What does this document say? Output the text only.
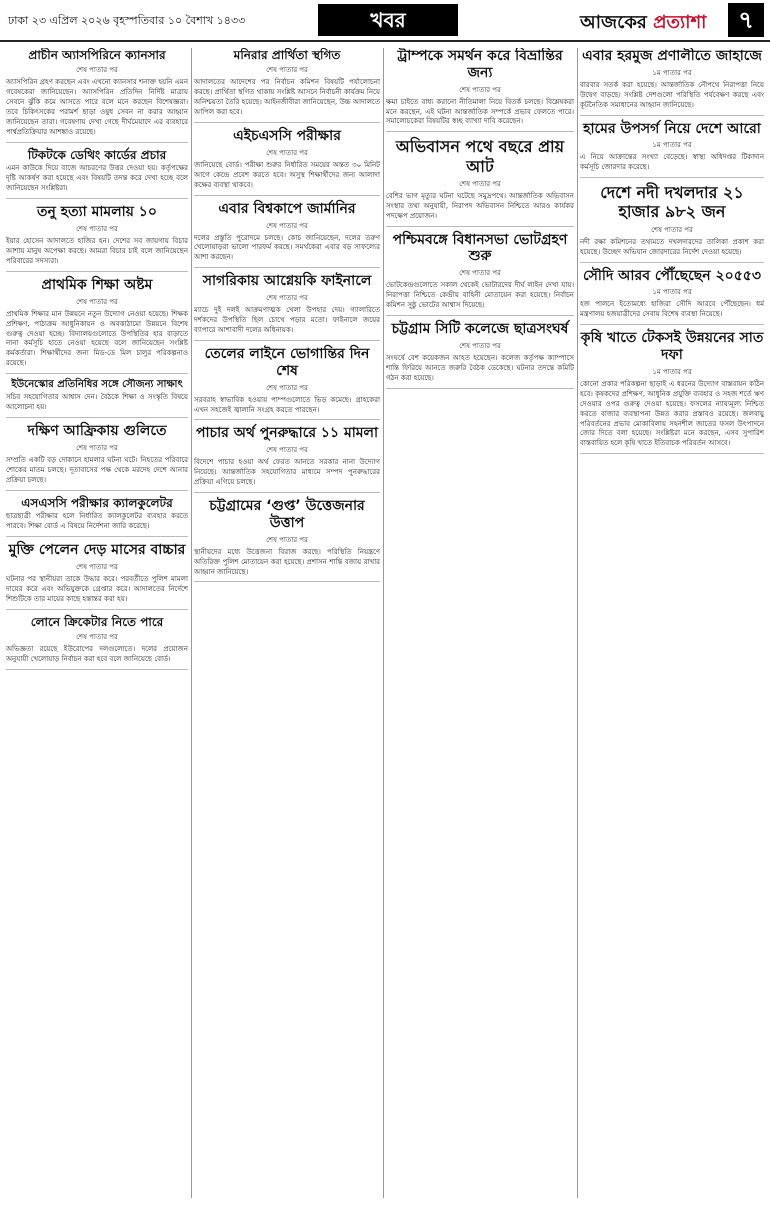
ঢাকা ২৩ এপ্রিল ২০২৬ বৃহস্পতিবার ১০ বৈশাখ ১৪৩৩	খবর	আজকের প্রত্যাশা	৭
প্রাচীন অ্যাসপিরিনে ক্যানসার
শেষ পাতার পর
অ্যাসপিরিন গ্রহণ করছেন এবং এখনো ক্যানসার শনাক্ত হয়নি এমন গবেষকেরা জানিয়েছেন। অ্যাসপিরিন প্রতিদিন নির্দিষ্ট মাত্রায় সেবনে ঝুঁকি কমে আসতে পারে বলে মনে করছেন বিশেষজ্ঞরা। তবে চিকিৎসকের পরামর্শ ছাড়া ওষুধ সেবন না করার আহ্বান জানিয়েছেন তারা। গবেষণায় দেখা গেছে দীর্ঘমেয়াদে এর ব্যবহারে পার্শ্বপ্রতিক্রিয়ার আশঙ্কাও রয়েছে।
টিকটকে ডেথিং কার্ডের প্রচার
এমন কাউকে দিয়ে বাজে আচরণের উত্তর দেওয়া হয়। কর্তৃপক্ষের দৃষ্টি আকর্ষণ করা হয়েছে এবং বিষয়টি তদন্ত করে দেখা হচ্ছে বলে জানিয়েছেন সংশ্লিষ্টরা।
তনু হত্যা মামলায় ১০
শেষ পাতার পর
ইয়ার হোসেন আদালতে হাজির হন। দেশের সব জায়গায় বিচার আশায় মানুষ অপেক্ষা করছে। আমরা বিচার চাই বলে জানিয়েছেন পরিবারের সদস্যরা।
প্রাথমিক শিক্ষা অষ্টম
শেষ পাতার পর
প্রাথমিক শিক্ষার মান উন্নয়নে নতুন উদ্যোগ নেওয়া হয়েছে। শিক্ষক প্রশিক্ষণ, পাঠ্যক্রম আধুনিকায়ন ও অবকাঠামো উন্নয়নে বিশেষ গুরুত্ব দেওয়া হচ্ছে। বিদ্যালয়গুলোতে উপস্থিতির হার বাড়াতে নানা কর্মসূচি হাতে নেওয়া হয়েছে বলে জানিয়েছেন সংশ্লিষ্ট কর্মকর্তারা। শিক্ষার্থীদের জন্য মিড-ডে মিল চালুর পরিকল্পনাও রয়েছে।
ইউনেস্কোর প্রতিনিধির সঙ্গে সৌজন্য সাক্ষাৎ
সচিব সহযোগিতার আশ্বাস দেন। বৈঠকে শিক্ষা ও সংস্কৃতি বিষয়ে আলোচনা হয়।
দক্ষিণ আফ্রিকায় গুলিতে
শেষ পাতার পর
সম্প্রতি একটি বড় দোকানে হামলার ঘটনা ঘটে। নিহতের পরিবারে শোকের মাতম চলছে। দূতাবাসের পক্ষ থেকে মরদেহ দেশে আনার প্রক্রিয়া চলছে।
এসএসসি পরীক্ষার ক্যালকুলেটর
ছাত্রছাত্রী পরীক্ষার হলে নির্ধারিত ক্যালকুলেটর ব্যবহার করতে পারবে। শিক্ষা বোর্ড এ বিষয়ে নির্দেশনা জারি করেছে।
মুক্তি পেলেন দেড় মাসের বাচ্চার
শেষ পাতার পর
ঘটনার পর স্থানীয়রা তাকে উদ্ধার করে। পরবর্তীতে পুলিশ মামলা দায়ের করে এবং অভিযুক্তকে গ্রেপ্তার করে। আদালতের নির্দেশে শিশুটিকে তার মায়ের কাছে হস্তান্তর করা হয়।
লোনে ক্রিকেটার নিতে পারে
শেষ পাতার পর
অভিজ্ঞতা রয়েছে ইউরোপের দলগুলোতে। দলের প্রয়োজন অনুযায়ী খেলোয়াড় নির্বাচন করা হবে বলে জানিয়েছে বোর্ড।
মনিরার প্রার্থিতা স্থগিত
শেষ পাতার পর
আদালতের আদেশের পর নির্বাচন কমিশন বিষয়টি পর্যালোচনা করছে। প্রার্থিতা স্থগিত থাকায় সংশ্লিষ্ট আসনে নির্বাচনী কার্যক্রম নিয়ে অনিশ্চয়তা তৈরি হয়েছে। আইনজীবীরা জানিয়েছেন, উচ্চ আদালতে আপিল করা হবে।
এইচএসসি পরীক্ষার
শেষ পাতার পর
জানিয়েছে বোর্ড। পরীক্ষা শুরুর নির্ধারিত সময়ের অন্তত ৩০ মিনিট আগে কেন্দ্রে প্রবেশ করতে হবে। অসুস্থ শিক্ষার্থীদের জন্য আলাদা কক্ষের ব্যবস্থা থাকবে।
এবার বিশ্বকাপে জার্মানির
শেষ পাতার পর
দলের প্রস্তুতি পুরোদমে চলছে। কোচ জানিয়েছেন, দলের তরুণ খেলোয়াড়রা ভালো পারফর্ম করছে। সমর্থকেরা এবার বড় সাফল্যের আশা করছেন।
সাগরিকায় আগ্নেয়কি ফাইনালে
শেষ পাতার পর
ম্যাচে দুই দলই আক্রমণাত্মক খেলা উপহার দেয়। গ্যালারিতে দর্শকদের উপস্থিতি ছিল চোখে পড়ার মতো। ফাইনালে জয়ের ব্যাপারে আশাবাদী দলের অধিনায়ক।
তেলের লাইনে ভোগান্তির দিন শেষ
শেষ পাতার পর
সরবরাহ স্বাভাবিক হওয়ায় পাম্পগুলোতে ভিড় কমেছে। গ্রাহকেরা এখন সহজেই জ্বালানি সংগ্রহ করতে পারছেন।
পাচার অর্থ পুনরুদ্ধারে ১১ মামলা
শেষ পাতার পর
বিদেশে পাচার হওয়া অর্থ ফেরত আনতে সরকার নানা উদ্যোগ নিয়েছে। আন্তর্জাতিক সহযোগিতার মাধ্যমে সম্পদ পুনরুদ্ধারের প্রক্রিয়া এগিয়ে চলছে।
চট্টগ্রামের ‘গুপ্ত’ উত্তেজনার উত্তাপ
শেষ পাতার পর
স্থানীয়দের মধ্যে উত্তেজনা বিরাজ করছে। পরিস্থিতি নিয়ন্ত্রণে অতিরিক্ত পুলিশ মোতায়েন করা হয়েছে। প্রশাসন শান্তি বজায় রাখার আহ্বান জানিয়েছে।
ট্রাম্পকে সমর্থন করে বিভ্রান্তির জন্য
শেষ পাতার পর
ক্ষমা চাইতে বাধ্য করানো নীতিমালা নিয়ে বিতর্ক চলছে। বিশ্লেষকরা মনে করছেন, এই ঘটনা আন্তর্জাতিক সম্পর্কে প্রভাব ফেলতে পারে। সমালোচকেরা বিষয়টির স্বচ্ছ ব্যাখ্যা দাবি করেছেন।
অভিবাসন পথে বছরে প্রায় আট
শেষ পাতার পর
বেশির ভাগ মৃত্যুর ঘটনা ঘটেছে সমুদ্রপথে। আন্তর্জাতিক অভিবাসন সংস্থার তথ্য অনুযায়ী, নিরাপদ অভিবাসন নিশ্চিতে আরও কার্যকর পদক্ষেপ প্রয়োজন।
পশ্চিমবঙ্গে বিধানসভা ভোটগ্রহণ শুরু
শেষ পাতার পর
ভোটকেন্দ্রগুলোতে সকাল থেকেই ভোটারদের দীর্ঘ লাইন দেখা যায়। নিরাপত্তা নিশ্চিতে কেন্দ্রীয় বাহিনী মোতায়েন করা হয়েছে। নির্বাচন কমিশন সুষ্ঠু ভোটের আশ্বাস দিয়েছে।
চট্টগ্রাম সিটি কলেজে ছাত্রসংঘর্ষ
শেষ পাতার পর
সংঘর্ষে বেশ কয়েকজন আহত হয়েছেন। কলেজ কর্তৃপক্ষ ক্যাম্পাসে শান্তি ফিরিয়ে আনতে জরুরি বৈঠক ডেকেছে। ঘটনার তদন্তে কমিটি গঠন করা হয়েছে।
এবার হরমুজ প্রণালীতে জাহাজে
১ম পাতার পর
বারবার সতর্ক করা হয়েছে। আন্তর্জাতিক নৌপথে নিরাপত্তা নিয়ে উদ্বেগ বাড়ছে। সংশ্লিষ্ট দেশগুলো পরিস্থিতি পর্যবেক্ষণ করছে এবং কূটনৈতিক সমাধানের আহ্বান জানিয়েছে।
হামের উপসর্গ নিয়ে দেশে আরো
১ম পাতার পর
এ নিয়ে আক্রান্তের সংখ্যা বেড়েছে। স্বাস্থ্য অধিদপ্তর টিকাদান কর্মসূচি জোরদার করেছে।
দেশে নদী দখলদার ২১ হাজার ৯৮২ জন
শেষ পাতার পর
নদী রক্ষা কমিশনের তথ্যমতে দখলদারদের তালিকা প্রকাশ করা হয়েছে। উচ্ছেদ অভিযান জোরদারের নির্দেশ দেওয়া হয়েছে।
সৌদি আরব পৌঁছেছেন ২০৫৫৩
১ম পাতার পর
হজ পালনে ইতোমধ্যে হাজিরা সৌদি আরবে পৌঁছেছেন। ধর্ম মন্ত্রণালয় হজযাত্রীদের সেবায় বিশেষ ব্যবস্থা নিয়েছে।
কৃষি খাতে টেকসই উন্নয়নের সাত দফা
১ম পাতার পর
কোনো প্রকার পরিকল্পনা ছাড়াই এ ধরনের উদ্যোগ বাস্তবায়ন কঠিন হবে। কৃষকদের প্রশিক্ষণ, আধুনিক প্রযুক্তি ব্যবহার ও সহজ শর্তে ঋণ দেওয়ার ওপর গুরুত্ব দেওয়া হয়েছে। ফসলের ন্যায্যমূল্য নিশ্চিত করতে বাজার ব্যবস্থাপনা উন্নত করার প্রস্তাবও রয়েছে। জলবায়ু পরিবর্তনের প্রভাব মোকাবিলায় সহনশীল জাতের ফসল উৎপাদনে জোর দিতে বলা হয়েছে। সংশ্লিষ্টরা মনে করছেন, এসব সুপারিশ বাস্তবায়িত হলে কৃষি খাতে ইতিবাচক পরিবর্তন আসবে।
